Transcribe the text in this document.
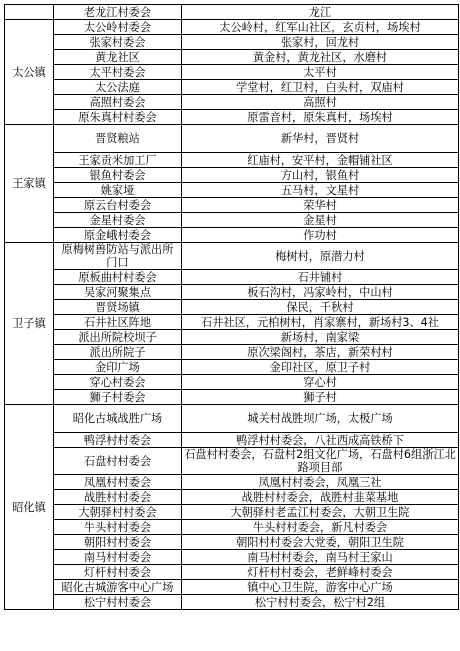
	老龙江村委会	龙江
太公镇	太公岭村委会	太公岭村，红军山社区，玄贞村，场埃村
	张家村委会	张家村，回龙村
	黄龙社区	黄金村，黄龙社区，水磨村
	太平村委会	太平村
	太公法庭	学堂村，红卫村，白头村，双庙村
	高照村委会	高照村
	原朱真村村委会	原雷音村，原朱真村，场埃村
王家镇	晋贤粮站	新华村，晋贤村
	王家贡米加工厂	红庙村，安平村，金帽铺社区
	银鱼村委会	方山村，银鱼村
	姚家垭	五马村，文星村
	原云台村委会	荣华村
	金星村委会	金星村
	原金峨村委会	作功村
卫子镇	原梅树兽防站与派出所门口	梅树村，原潜力村
	原板曲村村委会	石井铺村
	吴家河聚集点	板石沟村，冯家岭村，中山村
	晋贤场镇	保民，千秋村
	石井社区阵地	石井社区，元柏树村，肖家寨村，新场村3、4社
	派出所院校坝子	新场村，南家梁
	派出所院子	原次梁阁村，茶店，新荣村村
	金印广场	金印社区，原卫子村
	穿心村委会	穿心村
	狮子村委会	狮子村
昭化镇	昭化古城战胜广场	城关村战胜坝广场，太极广场
	鸭浮村村委会	鸭浮村村委会，八社西成高铁桥下
	石盘村村委会	石盘村村委会，石盘村2组文化广场，石盘村6组浙江北路项目部
	凤凰村村委会	凤凰村村委会，凤凰三社
	战胜村村委会	战胜村村委会，战胜村韭菜基地
	大朝驿村村委会	大朝驿村老孟江村委会，大朝卫生院
	牛头村村委会	牛头村村委会，新凡村委会
	朝阳村村委会	朝阳村村委会大党委，朝阳卫生院
	南马村村委会	南马村村委会，南马村王家山
	灯杆村村委会	灯杆村村委会，老鲜峰村委会
	昭化古城游客中心广场	镇中心卫生院，游客中心广场
	松宁村村委会	松宁村村委会，松宁村2组
